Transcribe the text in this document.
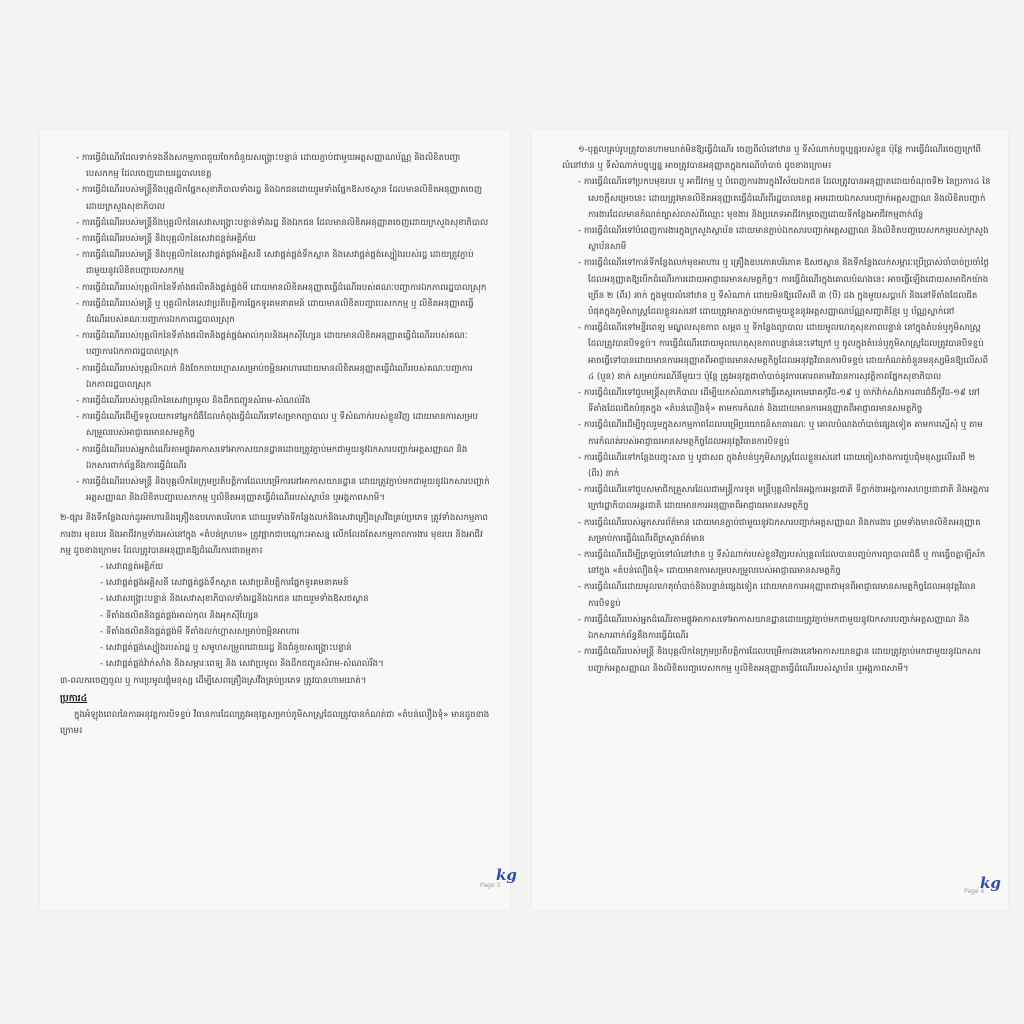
- ការធ្វើដំណើរដែលទាក់ទងនឹងសកម្មភាពជួយចែកជំនួយសង្គ្រោះបន្ទាន់ ដោយភ្ជាប់ជាមួយអត្តសញ្ញាណប័ណ្ណ និងលិខិតបញ្ជាបេសកកម្ម ដែលចេញដោយរដ្ឋបាលខេត្ត

- ការធ្វើដំណើររបស់មន្ត្រីនិងបុគ្គលិកផ្នែកសុខាភិបាលទាំងរដ្ឋ និងឯកជនដោយរួមទាំងផ្នែកឱសថស្ថាន ដែលមានលិខិតអនុញ្ញាតចេញដោយក្រសួងសុខាភិបាល

- ការធ្វើដំណើររបស់មន្ត្រីនិងបុគ្គលិកនៃសេវាសង្គ្រោះបន្ទាន់ទាំងរដ្ឋ និងឯកជន ដែលមានលិខិតអនុញ្ញាតចេញដោយក្រសួងសុខាភិបាល

- ការធ្វើដំណើររបស់មន្ត្រី និងបុគ្គលិកនៃសេវាពន្លត់អគ្គិភ័យ

- ការធ្វើដំណើររបស់មន្ត្រី និងបុគ្គលិកនៃសេវាផ្គត់ផ្គង់អគ្គិសនី សេវាផ្គត់ផ្គង់ទឹកស្អាត និងសេវាផ្គត់ផ្គង់ស្បៀងរបស់រដ្ឋ ដោយត្រូវភ្ជាប់ជាមួយនូវលិខិតបញ្ជាបេសកកម្ម

- ការធ្វើដំណើររបស់បុគ្គលិកនៃទីតាំងផលិតនិងផ្គត់ផ្គង់មី ដោយមានលិខិតអនុញ្ញាតធ្វើដំណើររបស់គណៈបញ្ជាការឯកភាពរដ្ឋបាលស្រុក

- ការធ្វើដំណើររបស់មន្ត្រី ឬ បុគ្គលិកនៃសេវាប្រតិបត្តិការផ្នែកទូរគមនាគមន៍ ដោយមានលិខិតបញ្ជាបេសកកម្ម ឬ លិខិតអនុញ្ញាតធ្វើដំណើររបស់គណៈបញ្ជាការឯកភាពរដ្ឋបាលស្រុក

- ការធ្វើដំណើររបស់បុគ្គលិកនៃទីតាំងផលិតនិងផ្គត់ផ្គង់អាល់កុលនិងអុកស៊ីហ្សែន ដោយមានលិខិតអនុញ្ញាតធ្វើដំណើររបស់គណៈបញ្ជាការឯកភាពរដ្ឋបាលស្រុក

- ការធ្វើដំណើររបស់បុគ្គលិកលក់ និងចែកចាយហ្គាសសម្រាប់ចម្អិនអាហារដោយមានលិខិតអនុញ្ញាតធ្វើដំណើររបស់គណៈបញ្ជាការឯកភាពរដ្ឋបាលស្រុក

- ការធ្វើដំណើររបស់បុគ្គលិកនៃសេវាប្រមូល និងដឹកជញ្ជូនសំរាម-សំណល់រឹង

- ការធ្វើដំណើរដើម្បីទទួលយកទៅអ្នកជំងឺដែលកំពុងធ្វើដំណើរទៅសម្រាកព្យាបាល ឬ ទីសំណាក់របស់ខ្លួនវិញ ដោយមានការសម្របសម្រួលរបស់អាជ្ញាធរមានសមត្ថកិច្ច

- ការធ្វើដំណើររបស់អ្នកដំណើរតាមផ្លូវអាកាសទៅអាកាសយានដ្ឋានដោយត្រូវភ្ជាប់មកជាមួយនូវឯកសារបញ្ជាក់អត្តសញ្ញាណ និងឯកសារពាក់ព័ន្ធនឹងការធ្វើដំណើរ

- ការធ្វើដំណើររបស់មន្ត្រី និងបុគ្គលិកនៃក្រុមប្រតិបត្តិការដែលបម្រើការនៅអាកាសយានដ្ឋាន ដោយត្រូវភ្ជាប់មកជាមួយនូវឯកសារបញ្ជាក់អត្តសញ្ញាណ និងលិខិតបញ្ជាបេសកកម្ម ឬលិខិតអនុញ្ញាតធ្វើដំណើររបស់ស្ថាប័ន ឬអង្គភាពសាមី។

២-ផ្សារ និងទីកន្លែងលក់ដូរអាហារនិងគ្រឿងឧបភោគបរិភោគ ដោយរួមទាំងទីកន្លែងលក់និងសេវាគ្រឿងស្រវឹងគ្រប់ប្រភេទ ត្រូវទាំងសកម្មភាពការងារ មុខរបរ និងអាជីវកម្មទាំងអស់នៅក្នុង «តំបន់ក្រហម» ត្រូវផ្អាកជាបណ្តោះអាសន្ន លើកលែងតែសកម្មភាពការងារ មុខរបរ និងអាជីវកម្ម ដូចខាងក្រោម៖ ដែលត្រូវបានអនុញ្ញាតឱ្យដំណើរការជាធម្មតា៖

- សេវាពន្លត់អគ្គិភ័យ

- សេវាផ្គត់ផ្គង់អគ្គិសនី សេវាផ្គត់ផ្គង់ទឹកស្អាត សេវាប្រតិបត្តិការផ្នែកទូរគមនាគមន៍

- សេវាសង្គ្រោះបន្ទាន់ និងសេវាសុខាភិបាលទាំងរដ្ឋនិងឯកជន ដោយរួមទាំងឱសថស្ថាន

- ទីតាំងផលិតនិងផ្គត់ផ្គង់អាល់កុល និងអុកស៊ីហ្សែន

- ទីតាំងផលិតនិងផ្គត់ផ្គង់មី ទីតាំងលក់ហ្គាសសម្រាប់ចម្អិនអាហារ

- សេវាផ្គត់ផ្គង់ស្បៀងរបស់រដ្ឋ ឬ សមូហសម្រួលដោយរដ្ឋ និងជំនួយសង្គ្រោះបន្ទាន់

- សេវាផ្គត់ផ្គង់វ៉ាក់សាំង និងសម្ភារៈពេទ្យ និង សេវាប្រមូល និងដឹកជញ្ជូនសំរាម-សំណល់រឹង។

៣-ពលករចេញចូល ឬ ការប្រមូលផ្តុំមនុស្ស ដើម្បីសេពគ្រឿងស្រវឹងគ្រប់ប្រភេទ ត្រូវបានហាមឃាត់។

ប្រការ៤

ក្នុងអំឡុងពេលនៃការអនុវត្តការបិទខ្ទប់ វិធានការដែលត្រូវអនុវត្តសម្រាប់ភូមិសាស្ត្រដែលត្រូវបានកំណត់ជា «តំបន់លឿងទុំ» មានដូចខាងក្រោម៖

Page 3
kg

១-បុគ្គលគ្រប់រូបត្រូវបានហាមឃាត់មិនឱ្យធ្វើដំណើរ ចេញពីលំនៅឋាន ឬ ទីសំណាក់បច្ចុប្បន្នរបស់ខ្លួន ប៉ុន្តែ ការធ្វើដំណើរចេញក្រៅពីលំនៅឋាន ឬ ទីសំណាក់បច្ចុប្បន្ន អាចត្រូវបានអនុញ្ញាតក្នុងករណីចាំបាច់ ដូចខាងក្រោម៖

- ការធ្វើដំណើរទៅប្រកបមុខរបរ ឬ អាជីវកម្ម ឬ បំពេញការងារក្នុងវិស័យឯកជន ដែលត្រូវបានអនុញ្ញាតដោយចំណុចទី២ នៃប្រការ៤ នៃសេចក្តីសម្រេចនេះ ដោយត្រូវមានលិខិតអនុញ្ញាតធ្វើដំណើរពីរដ្ឋបាលខេត្ត អមដោយឯកសារបញ្ជាក់អត្តសញ្ញាណ និងលិខិតបញ្ជាក់ការងារដែលមានកំណត់ច្បាស់លាស់ពីឈ្មោះ មុខងារ និងប្រភេទអាជីវកម្មចេញដោយទីកន្លែងអាជីវកម្មពាក់ព័ន្ធ

- ការធ្វើដំណើរទៅបំពេញការងារក្នុងក្រសួងស្ថាប័ន ដោយមានភ្ជាប់ឯកសារបញ្ជាក់អត្តសញ្ញាណ និងលិខិតបញ្ជាបេសកកម្មរបស់ក្រសួងស្ថាប័នសាមី

- ការធ្វើដំណើរទៅកាន់ទីកន្លែងលក់មុខអាហារ ឬ គ្រឿងឧបភោគបរិភោគ ឱសថស្ថាន និងទីកន្លែងលក់សម្ភារៈប្រើប្រាស់ចាំបាច់ប្រចាំថ្ងៃ ដែលអនុញ្ញាតឱ្យបើកដំណើរការដោយអាជ្ញាធរមានសមត្ថកិច្ច។ ការធ្វើដំណើរក្នុងគោលបំណងនេះ អាចធ្វើឡើងដោយសមាជិកយ៉ាងច្រើន ២ (ពីរ) នាក់ ក្នុងមួយលំនៅឋាន ឬ ទីសំណាក់ ដោយមិនឱ្យលើសពី ៣ (បី) ដង ក្នុងមួយសប្តាហ៍ និងនៅទីតាំងដែលជិតបំផុតក្នុងភូមិសាស្ត្រដែលខ្លួនរស់នៅ ដោយត្រូវមានភ្ជាប់មកជាមួយខ្លួននូវអត្តសញ្ញាណប័ណ្ណសញ្ជាតិខ្មែរ ឬ ប័ណ្ណស្នាក់នៅ

- ការធ្វើដំណើរទៅមន្ទីរពេទ្យ មណ្ឌលសុខភាព សម្ភព ឬ ទីកន្លែងព្យាបាល ដោយមូលហេតុសុខភាពបន្ទាន់ នៅក្នុងតំបន់ឬភូមិសាស្ត្រដែលត្រូវបានបិទខ្ទប់។ ការធ្វើដំណើរដោយមូលហេតុសុខភាពបន្ទាន់នេះទៅក្រៅ ឬ ចូលក្នុងតំបន់ឬភូមិសាស្ត្រដែលត្រូវបានបិទខ្ទប់ អាចធ្វើទៅបានដោយមានការអនុញ្ញាតពីអាជ្ញាធរមានសមត្ថកិច្ចដែលអនុវត្តវិធានការបិទខ្ទប់ ដោយកំណត់ចំនួនមនុស្សមិនឱ្យលើសពី ៤ (បួន) នាក់ សម្រាប់ករណីនីមួយៗ ប៉ុន្តែ ត្រូវអនុវត្តជាចាំបាច់នូវការគោរពតាមវិធានការសុវត្ថិភាពផ្នែកសុខាភិបាល

- ការធ្វើដំណើរទៅជួបមន្ត្រីសុខាភិបាល ដើម្បីយកសំណាកទៅធ្វើតេស្តរកមេរោគកូវីដ-១៩ ឬ ចាក់វ៉ាក់សាំងការពារជំងឺកូវីដ-១៩ នៅទីតាំងដែលជិតបំផុតក្នុង «តំបន់លឿងទុំ» តាមការកំណត់ និងដោយមានការអនុញ្ញាតពីអាជ្ញាធរមានសមត្ថកិច្ច

- ការធ្វើដំណើរដើម្បីចូលរួមក្នុងសកម្មភាពដែលបម្រើប្រយោជន៍សាធារណៈ ឬ គោលបំណងចាំបាច់ផ្សេងទៀត តាមការស្នើសុំ ឬ តាមការកំណត់របស់អាជ្ញាធរមានសមត្ថកិច្ចដែលអនុវត្តវិធានការបិទខ្ទប់

- ការធ្វើដំណើរទៅកន្លែងបញ្ចុះសព ឬ បូជាសព ក្នុងតំបន់ឬភូមិសាស្ត្រដែលខ្លួនរស់នៅ ដោយចៀសវាងការជួបជុំមនុស្សលើសពី ២ (ពីរ) នាក់

- ការធ្វើដំណើរទៅជួបសមាជិកគ្រួសារដែលជាមន្ត្រីការទូត មន្ត្រីបុគ្គលិកនៃអង្គការអន្តរជាតិ ទីភ្នាក់ងារអង្គការសហប្រជាជាតិ និងអង្គការក្រៅរដ្ឋាភិបាលអន្តរជាតិ ដោយមានការអនុញ្ញាតពីអាជ្ញាធរមានសមត្ថកិច្ច

- ការធ្វើដំណើររបស់អ្នកសារព័ត៌មាន ដោយមានភ្ជាប់ជាមួយនូវឯកសារបញ្ជាក់អត្តសញ្ញាណ និងការងារ ព្រមទាំងមានលិខិតអនុញ្ញាតសម្រាប់ការធ្វើដំណើរពីក្រសួងព័ត៌មាន

- ការធ្វើដំណើរដើម្បីត្រឡប់ទៅលំនៅឋាន ឬ ទីសំណាក់របស់ខ្លួនវិញរបស់បុគ្គលដែលបានបញ្ចប់ការព្យាបាលជំងឺ ឬ ការធ្វើចត្តាឡីស័ក នៅក្នុង «តំបន់លឿងទុំ» ដោយមានការសម្របសម្រួលរបស់អាជ្ញាធរមានសមត្ថកិច្ច

- ការធ្វើដំណើរដោយមូលហេតុចាំបាច់និងបន្ទាន់ផ្សេងទៀត ដោយមានការអនុញ្ញាតជាមុនពីអាជ្ញាធរមានសមត្ថកិច្ចដែលអនុវត្តវិធានការបិទខ្ទប់

- ការធ្វើដំណើររបស់អ្នកដំណើរតាមផ្លូវអាកាសទៅអាកាសយានដ្ឋានដោយត្រូវភ្ជាប់មកជាមួយនូវឯកសារបញ្ជាក់អត្តសញ្ញាណ និងឯកសារពាក់ព័ន្ធនឹងការធ្វើដំណើរ

- ការធ្វើដំណើររបស់មន្ត្រី និងបុគ្គលិកនៃក្រុមប្រតិបត្តិការដែលបម្រើការងារនៅអាកាសយានដ្ឋាន ដោយត្រូវភ្ជាប់មកជាមួយនូវឯកសារបញ្ជាក់អត្តសញ្ញាណ និងលិខិតបញ្ជាបេសកកម្ម ឬលិខិតអនុញ្ញាតធ្វើដំណើររបស់ស្ថាប័ន ឬអង្គភាពសាមី។

Page 4
kg
